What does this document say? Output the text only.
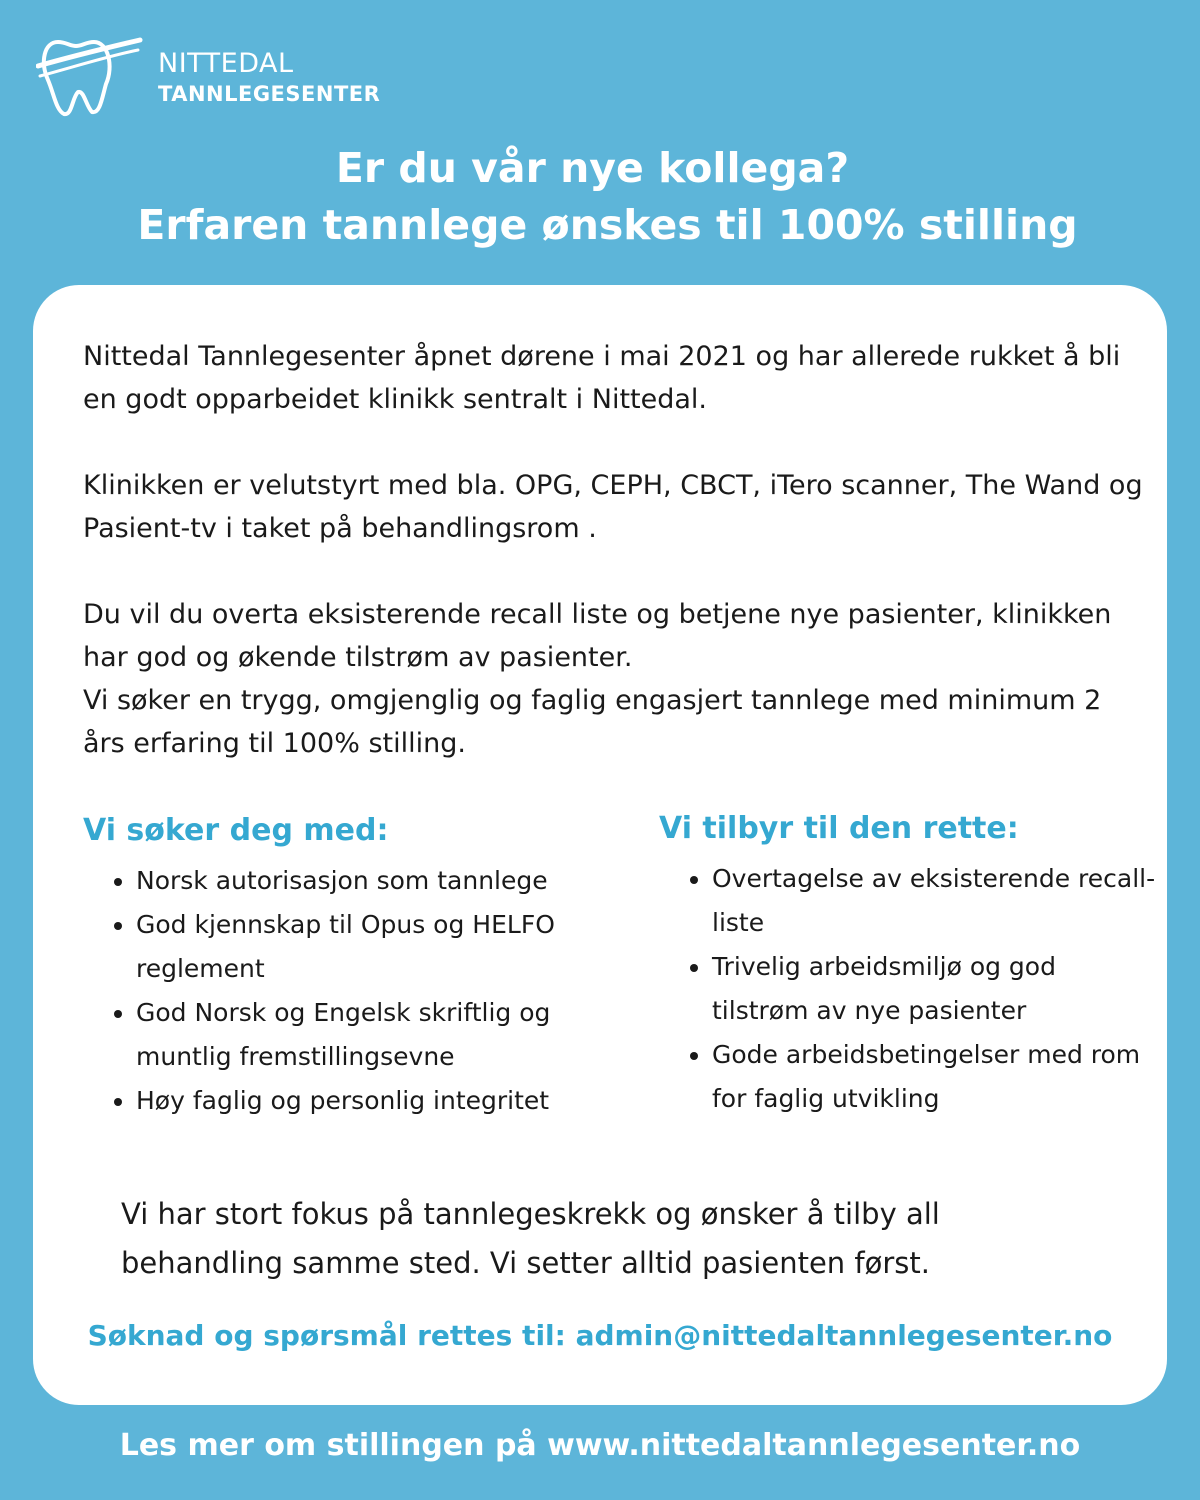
NITTEDAL
TANNLEGESENTER
Er du vår nye kollega?
Erfaren tannlege ønskes til 100% stilling

Nittedal Tannlegesenter åpnet dørene i mai 2021 og har allerede rukket å bli en godt opparbeidet klinikk sentralt i Nittedal.

Klinikken er velutstyrt med bla. OPG, CEPH, CBCT, iTero scanner, The Wand og Pasient-tv i taket på behandlingsrom .

Du vil du overta eksisterende recall liste og betjene nye pasienter, klinikken har god og økende tilstrøm av pasienter.

Vi søker en trygg, omgjenglig og faglig engasjert tannlege med minimum 2 års erfaring til 100% stilling.

Vi søker deg med:
• Norsk autorisasjon som tannlege
• God kjennskap til Opus og HELFO reglement
• God Norsk og Engelsk skriftlig og muntlig fremstillingsevne
• Høy faglig og personlig integritet
Vi tilbyr til den rette:
• Overtagelse av eksisterende recall-liste
• Trivelig arbeidsmiljø og god tilstrøm av nye pasienter
• Gode arbeidsbetingelser med rom for faglig utvikling
Vi har stort fokus på tannlegeskrekk og ønsker å tilby all behandling samme sted. Vi setter alltid pasienten først.
Søknad og spørsmål rettes til: admin@nittedaltannlegesenter.no
Les mer om stillingen på www.nittedaltannlegesenter.no
